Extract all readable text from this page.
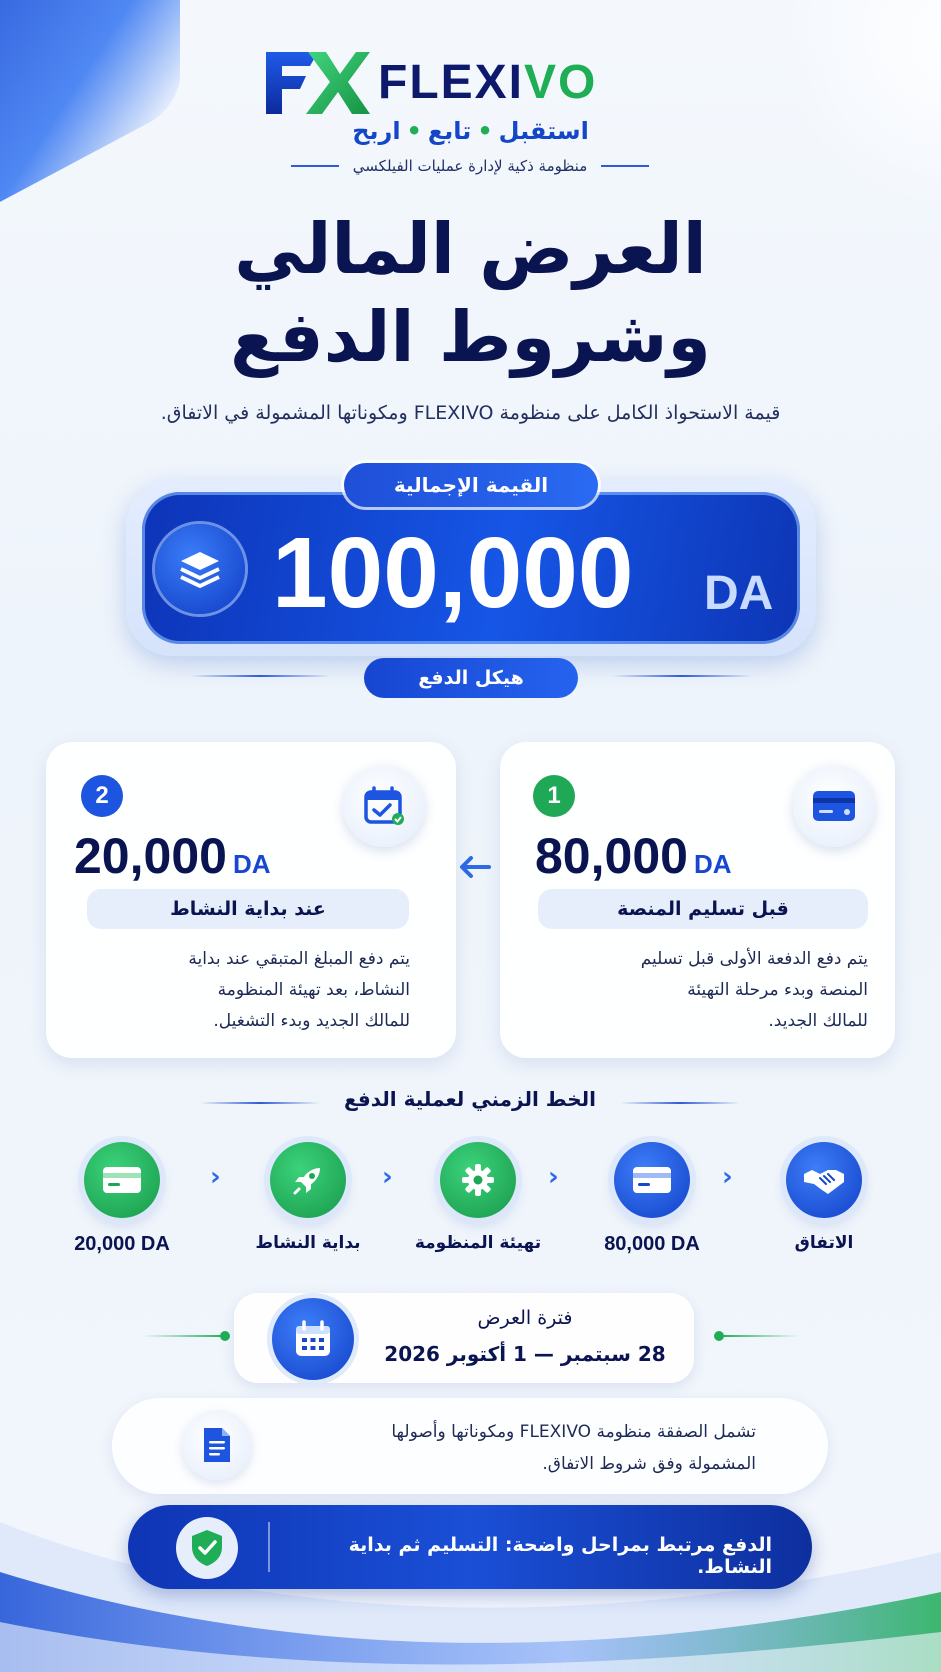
FLEXIVO
استقبل•تابع•اربح
منظومة ذكية لإدارة عمليات الفيلكسي
العرض المالي
وشروط الدفع
قيمة الاستحواذ الكامل على منظومة FLEXIVO ومكوناتها المشمولة في الاتفاق.
القيمة الإجمالية
100,000	DA
هيكل الدفع
1
80,000 DA
قبل تسليم المنصة
يتم دفع الدفعة الأولى قبل تسليم
المنصة وبدء مرحلة التهيئة
للمالك الجديد.
2
20,000 DA
عند بداية النشاط
يتم دفع المبلغ المتبقي عند بداية
النشاط، بعد تهيئة المنظومة
للمالك الجديد وبدء التشغيل.
الخط الزمني لعملية الدفع
الاتفاق
‹
80,000 DA
‹
تهيئة المنظومة
‹
بداية النشاط
‹
20,000 DA
فترة العرض
28 سبتمبر — 1 أكتوبر 2026
تشمل الصفقة منظومة FLEXIVO ومكوناتها وأصولها
المشمولة وفق شروط الاتفاق.
الدفع مرتبط بمراحل واضحة: التسليم ثم بداية النشاط.
